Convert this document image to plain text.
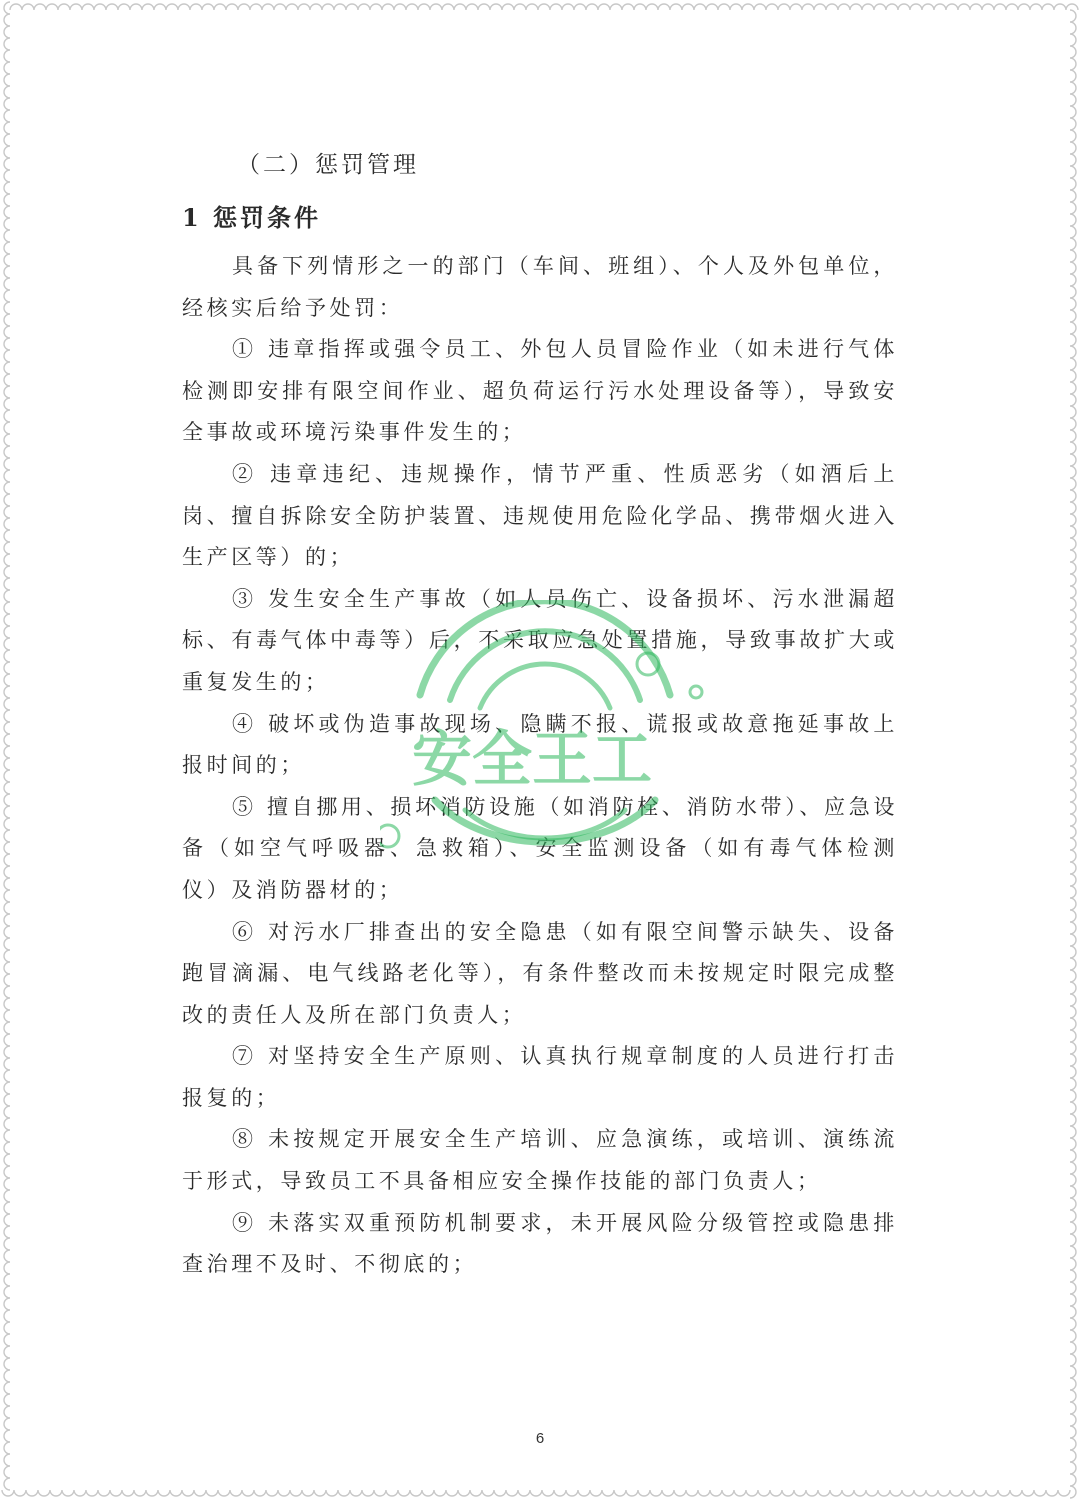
（二）惩罚管理
1 惩罚条件

具备下列情形之一的部门（车间、班组）、个人及外包单位，经核实后给予处罚：

① 违章指挥或强令员工、外包人员冒险作业（如未进行气体检测即安排有限空间作业、超负荷运行污水处理设备等），导致安全事故或环境污染事件发生的；

② 违章违纪、违规操作，情节严重、性质恶劣（如酒后上岗、擅自拆除安全防护装置、违规使用危险化学品、携带烟火进入生产区等）的；

③ 发生安全生产事故（如人员伤亡、设备损坏、污水泄漏超标、有毒气体中毒等）后，不采取应急处置措施，导致事故扩大或重复发生的；

④ 破坏或伪造事故现场、隐瞒不报、谎报或故意拖延事故上报时间的；

⑤ 擅自挪用、损坏消防设施（如消防栓、消防水带）、应急设备（如空气呼吸器、急救箱）、安全监测设备（如有毒气体检测仪）及消防器材的；

⑥ 对污水厂排查出的安全隐患（如有限空间警示缺失、设备跑冒滴漏、电气线路老化等），有条件整改而未按规定时限完成整改的责任人及所在部门负责人；

⑦ 对坚持安全生产原则、认真执行规章制度的人员进行打击报复的；

⑧ 未按规定开展安全生产培训、应急演练，或培训、演练流于形式，导致员工不具备相应安全操作技能的部门负责人；

⑨ 未落实双重预防机制要求，未开展风险分级管控或隐患排查治理不及时、不彻底的；

安全王工
6
